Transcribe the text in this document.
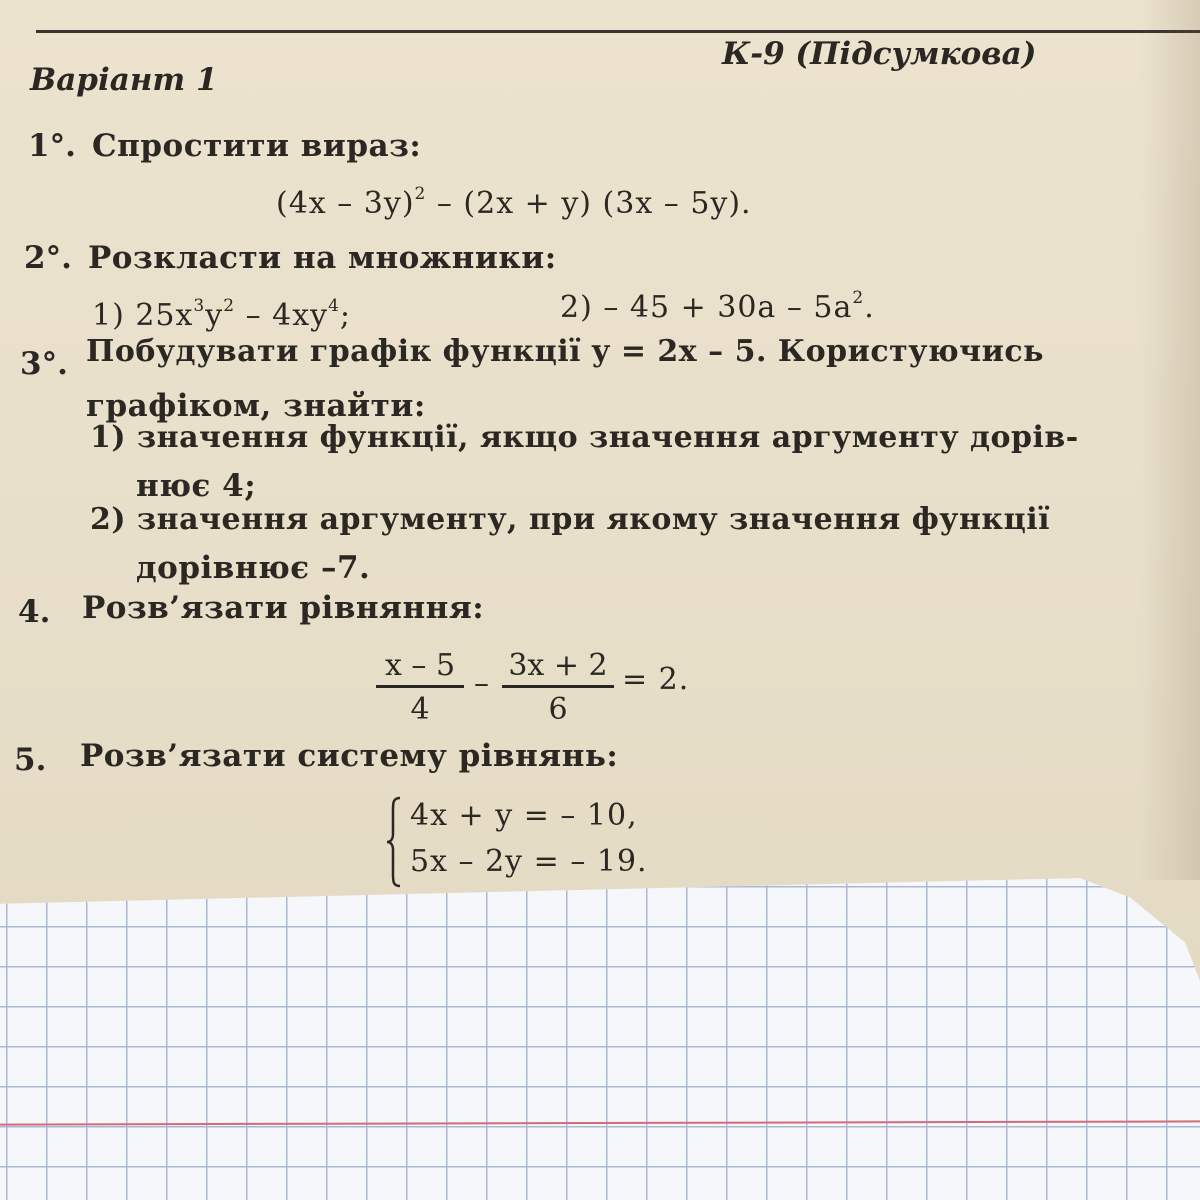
Варіант 1
К-9 (Підсумкова)
1°. Спростити вираз:
(4x – 3y)$^2$ – (2x + y) (3x – 5y).
2°. Розкласти на множники:
1) $25x^3y^2 - 4xy^4$;	$2) - 45 + 30a - 5a^2$.
3°. Побудувати графік функції y = 2x – 5. Користуючись
графіком, знайти:
1) значення функції, якщо значення аргументу дорів-
нює 4;
2) значення аргументу, при якому значення функції
дорівнює –7.
4. Розв’язати рівняння:
x – 5
4
–
3x + 2
6
= 2.
5. Розв’язати систему рівнянь:
4x + y = – 10,
5x – 2y = – 19.
